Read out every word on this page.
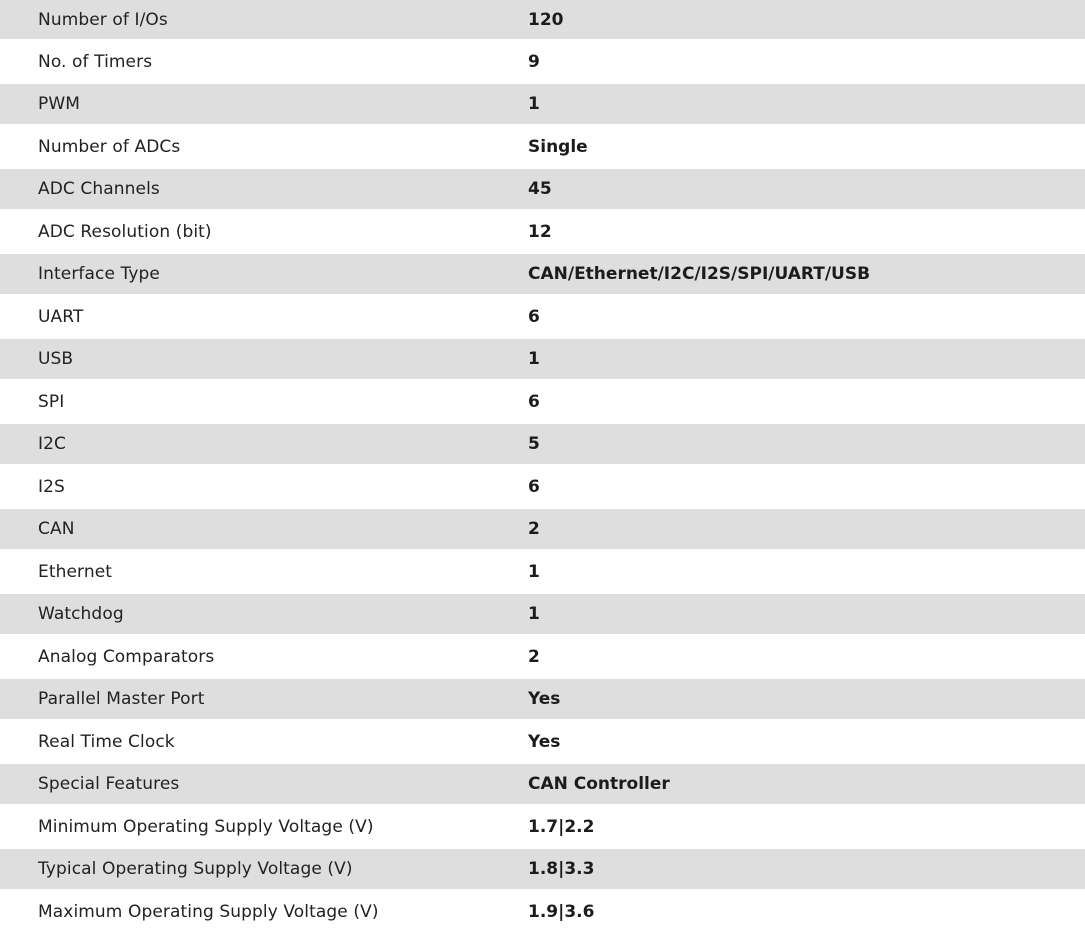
Number of I/Os	120
No. of Timers	9
PWM	1
Number of ADCs	Single
ADC Channels	45
ADC Resolution (bit)	12
Interface Type	CAN/Ethernet/I2C/I2S/SPI/UART/USB
UART	6
USB	1
SPI	6
I2C	5
I2S	6
CAN	2
Ethernet	1
Watchdog	1
Analog Comparators	2
Parallel Master Port	Yes
Real Time Clock	Yes
Special Features	CAN Controller
Minimum Operating Supply Voltage (V)	1.7|2.2
Typical Operating Supply Voltage (V)	1.8|3.3
Maximum Operating Supply Voltage (V)	1.9|3.6
